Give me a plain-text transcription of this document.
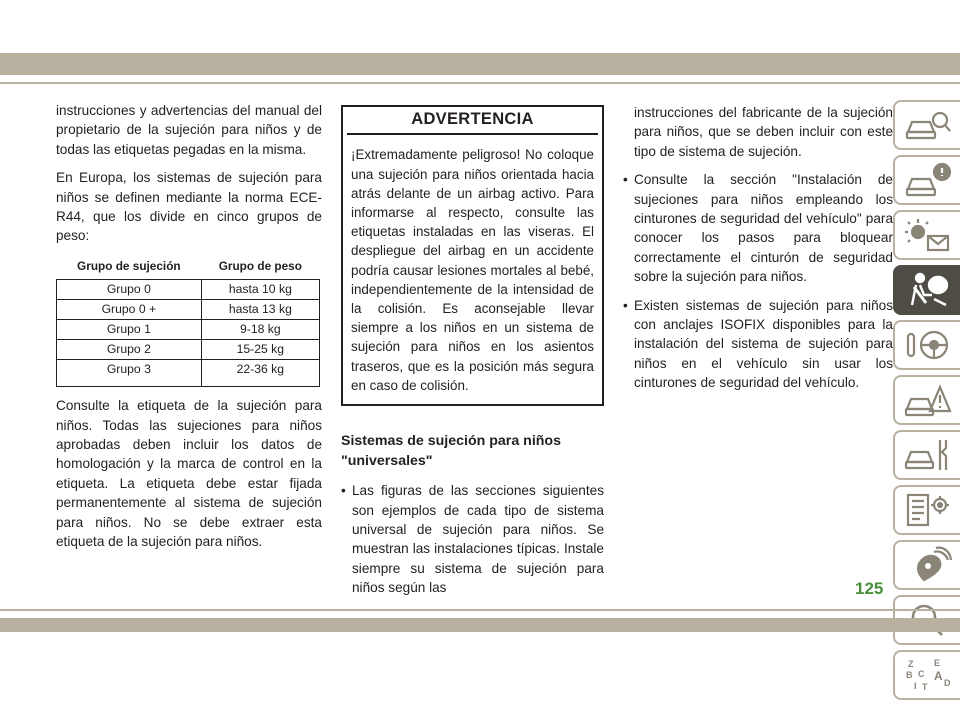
instrucciones y advertencias del manual del propietario de la sujeción para niños y de todas las etiquetas pegadas en la misma.

En Europa, los sistemas de sujeción para niños se definen mediante la norma ECE-R44, que los divide en cinco grupos de peso:

Grupo de sujeción	Grupo de peso
Grupo 0	hasta 10 kg
Grupo 0 +	hasta 13 kg
Grupo 1	9-18 kg
Grupo 2	15-25 kg
Grupo 3	22-36 kg

Consulte la etiqueta de la sujeción para niños. Todas las sujeciones para niños aprobadas deben incluir los datos de homologación y la marca de control en la etiqueta. La etiqueta debe estar fijada permanentemente al sistema de sujeción para niños. No se debe extraer esta etiqueta de la sujeción para niños.

ADVERTENCIA
¡Extremadamente peligroso! No coloque una sujeción para niños orientada hacia atrás delante de un airbag activo. Para informarse al respecto, consulte las etiquetas instaladas en las viseras. El despliegue del airbag en un accidente podría causar lesiones mortales al bebé, independientemente de la intensidad de la colisión. Es aconsejable llevar siempre a los niños en un sistema de sujeción para niños en los asientos traseros, que es la posición más segura en caso de colisión.
Sistemas de sujeción para niños "universales"
• Las figuras de las secciones siguientes son ejemplos de cada tipo de sistema universal de sujeción para niños. Se muestran las instalaciones típicas. Instale siempre su sistema de sujeción para niños según las
instrucciones del fabricante de la sujeción para niños, que se deben incluir con este tipo de sistema de sujeción.
• Consulte la sección "Instalación de sujeciones para niños empleando los cinturones de seguridad del vehículo" para conocer los pasos para bloquear correctamente el cinturón de seguridad sobre la sujeción para niños.
• Existen sistemas de sujeción para niños con anclajes ISOFIX disponibles para la instalación del sistema de sujeción para niños en el vehículo sin usar los cinturones de seguridad del vehículo.
Z E
B C A
I T D
125
